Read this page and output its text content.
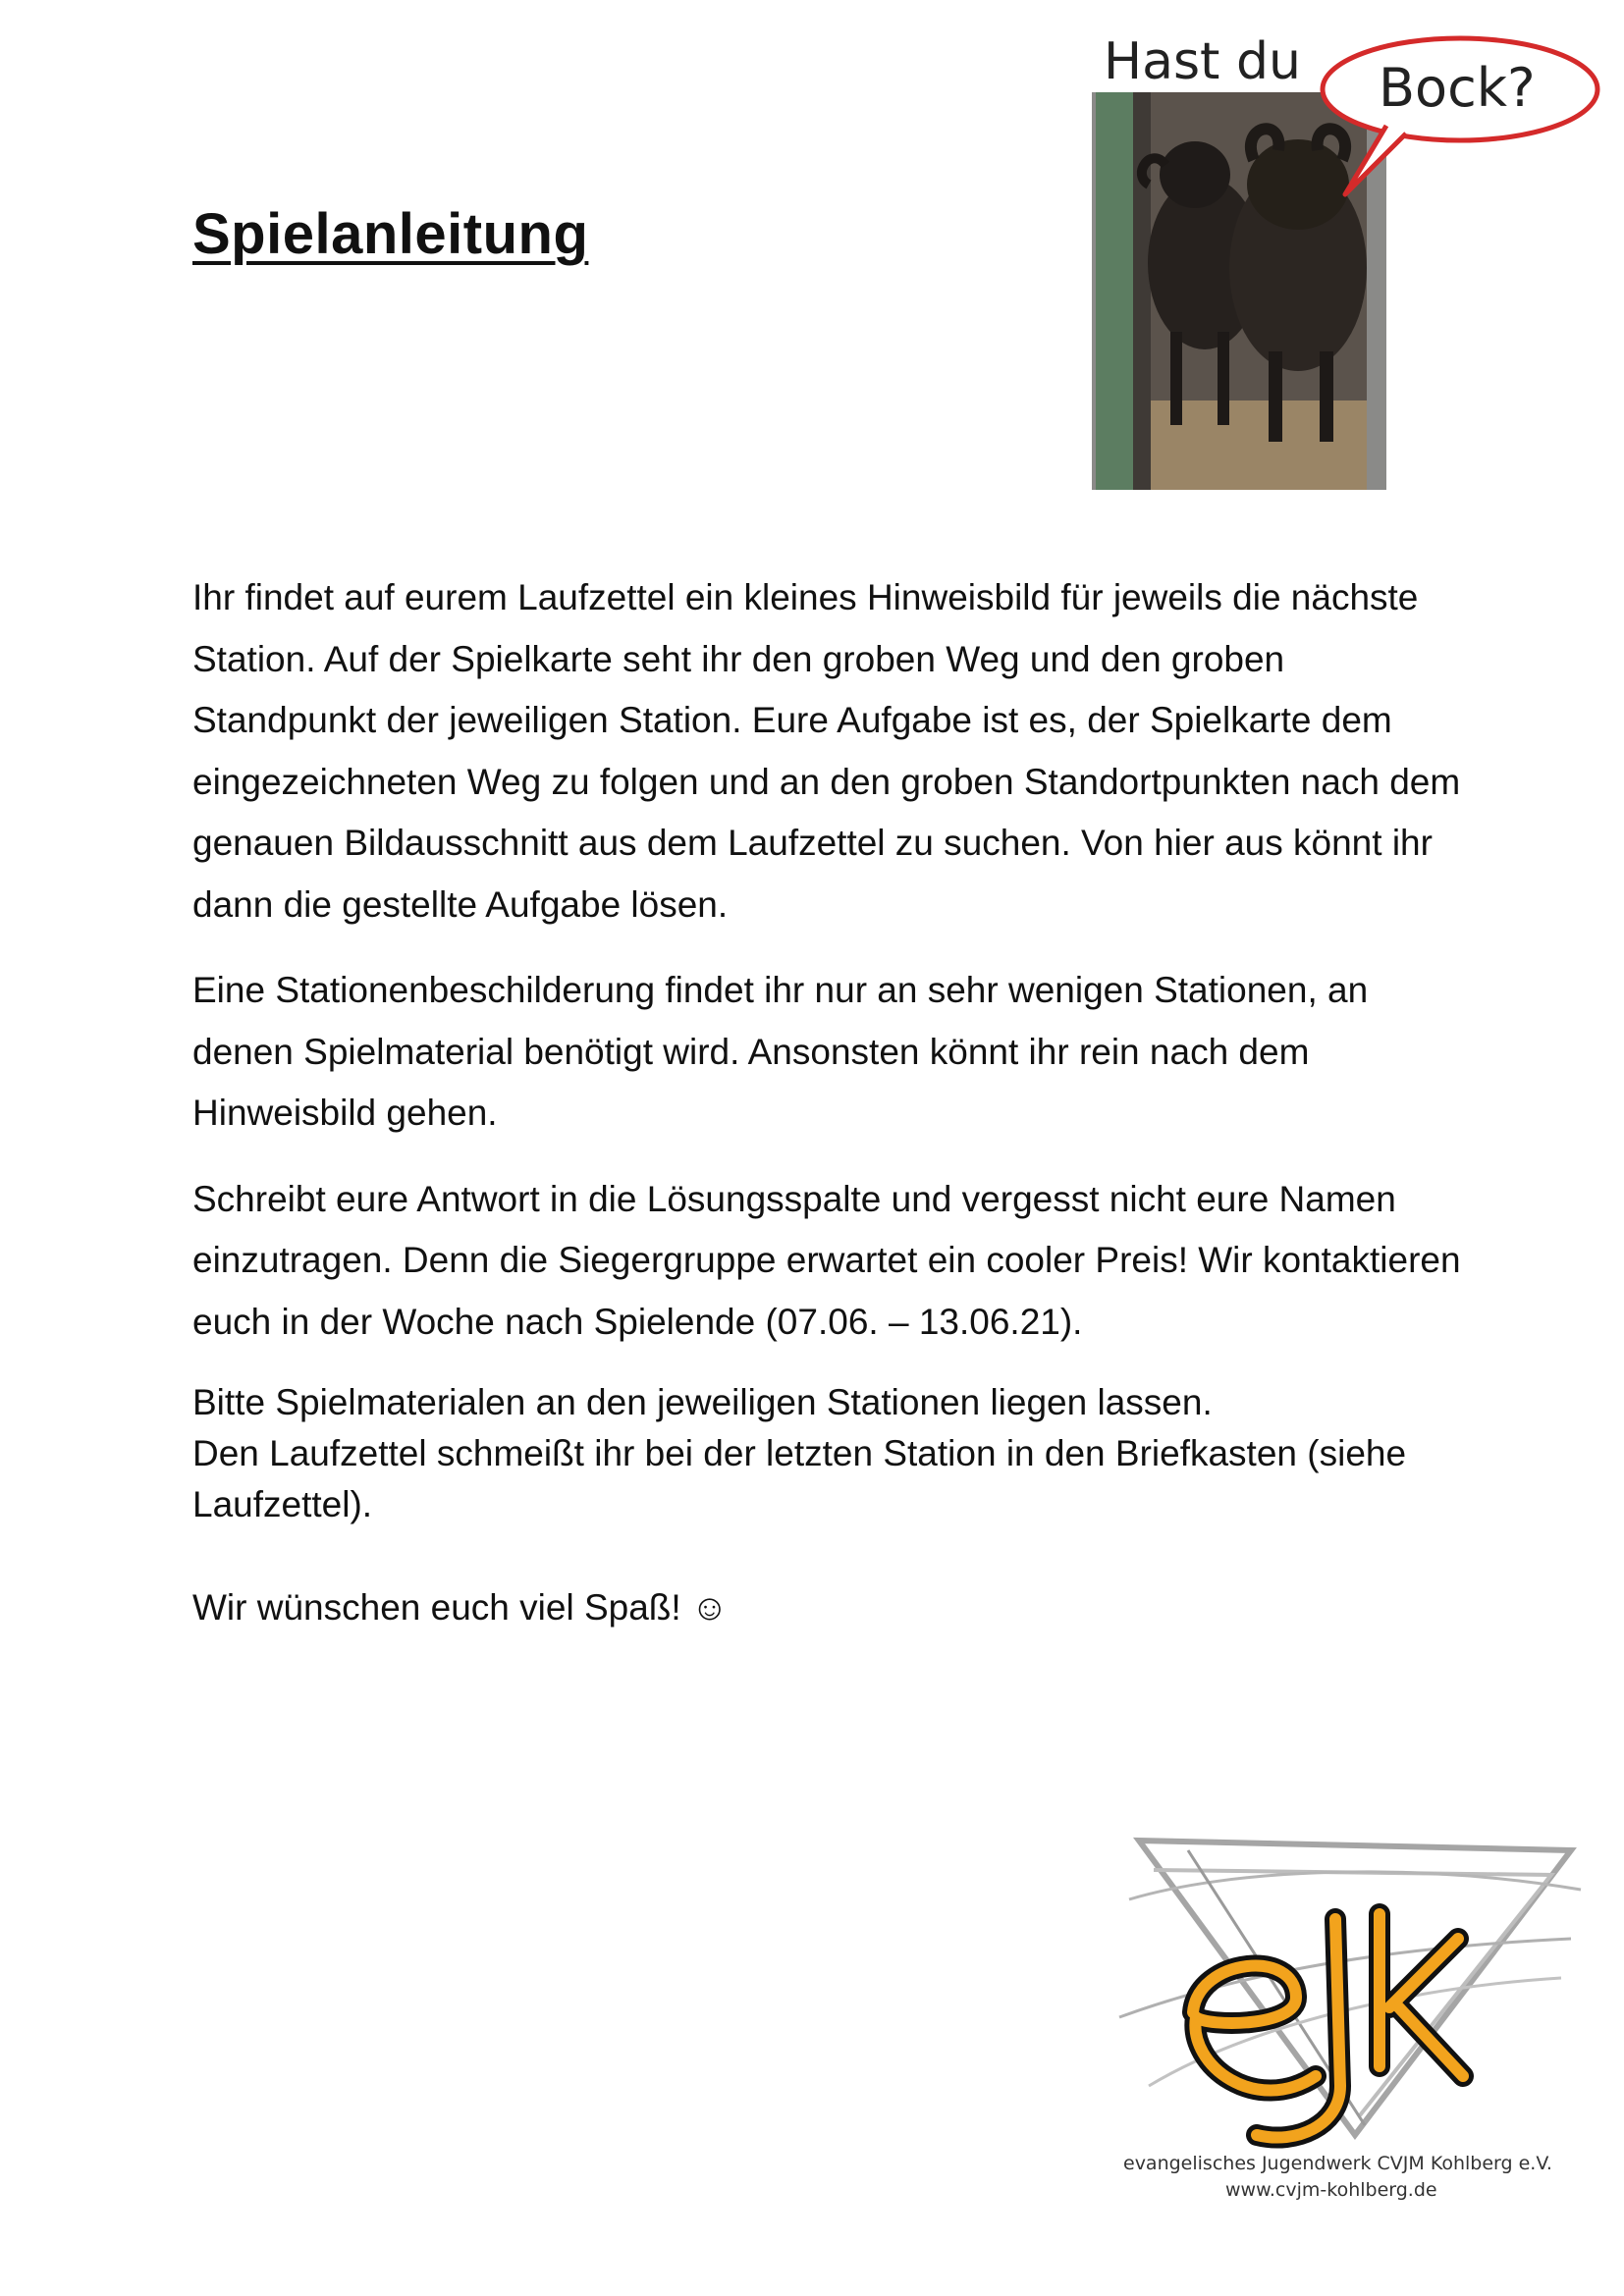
Spielanleitung
Hast du Bock?

Ihr findet auf eurem Laufzettel ein kleines Hinweisbild für jeweils die nächste Station. Auf der Spielkarte seht ihr den groben Weg und den groben Standpunkt der jeweiligen Station. Eure Aufgabe ist es, der Spielkarte dem eingezeichneten Weg zu folgen und an den groben Standortpunkten nach dem genauen Bildausschnitt aus dem Laufzettel zu suchen. Von hier aus könnt ihr dann die gestellte Aufgabe lösen.

Eine Stationenbeschilderung findet ihr nur an sehr wenigen Stationen, an denen Spielmaterial benötigt wird. Ansonsten könnt ihr rein nach dem Hinweisbild gehen.

Schreibt eure Antwort in die Lösungsspalte und vergesst nicht eure Namen einzutragen. Denn die Siegergruppe erwartet ein cooler Preis! Wir kontaktieren euch in der Woche nach Spielende (07.06. – 13.06.21).

Bitte Spielmaterialen an den jeweiligen Stationen liegen lassen.

Den Laufzettel schmeißt ihr bei der letzten Station in den Briefkasten (siehe Laufzettel).

Wir wünschen euch viel Spaß! ☺

evangelisches Jugendwerk CVJM Kohlberg e.V.
www.cvjm-kohlberg.de
